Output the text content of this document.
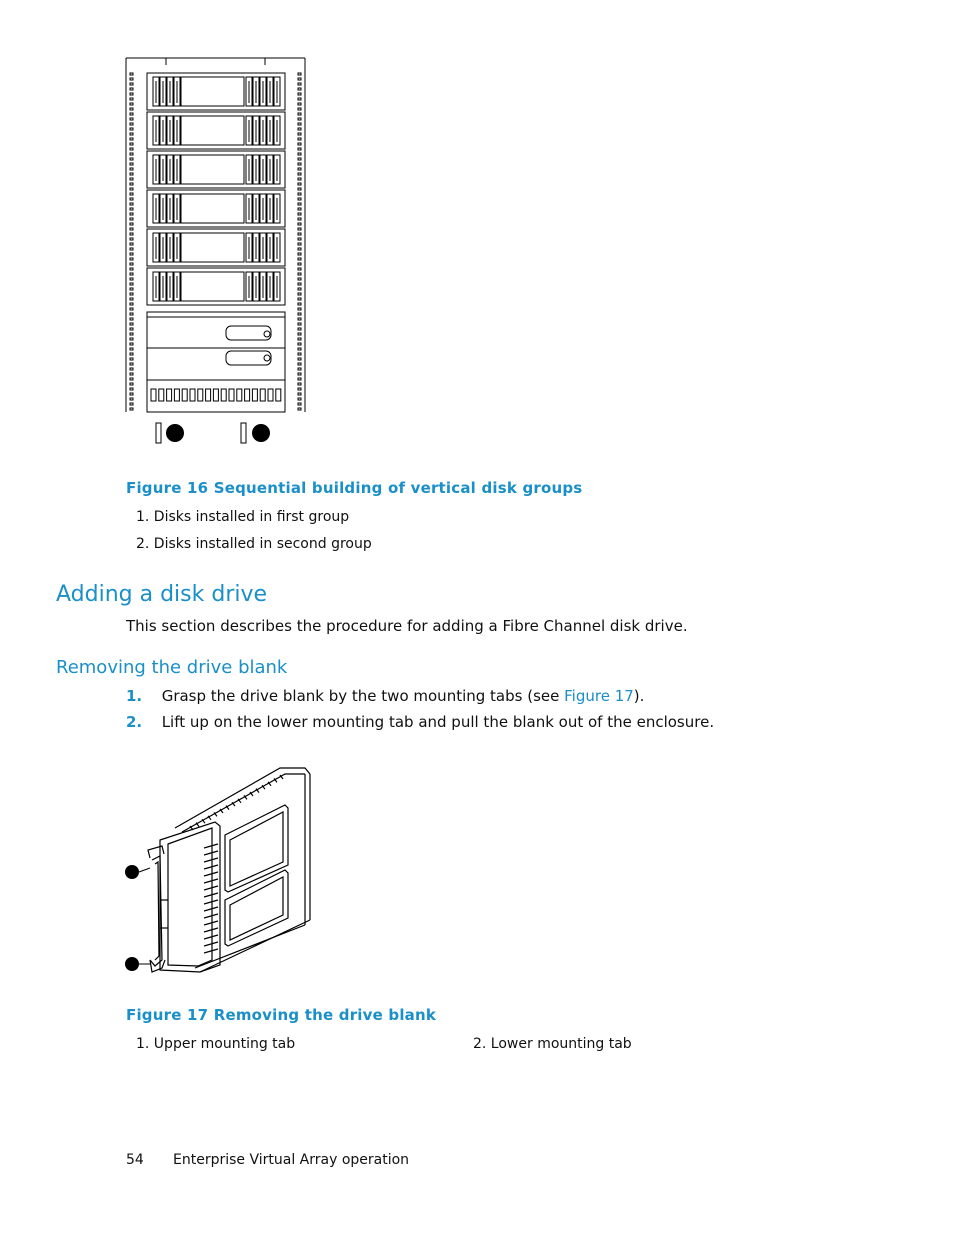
Figure 16 Sequential building of vertical disk groups
1. Disks installed in first group
2. Disks installed in second group
Adding a disk drive
This section describes the procedure for adding a Fibre Channel disk drive.
Removing the drive blank
1. Grasp the drive blank by the two mounting tabs (see Figure 17).
2. Lift up on the lower mounting tab and pull the blank out of the enclosure.
Figure 17 Removing the drive blank
1. Upper mounting tab	2. Lower mounting tab
54 Enterprise Virtual Array operation
